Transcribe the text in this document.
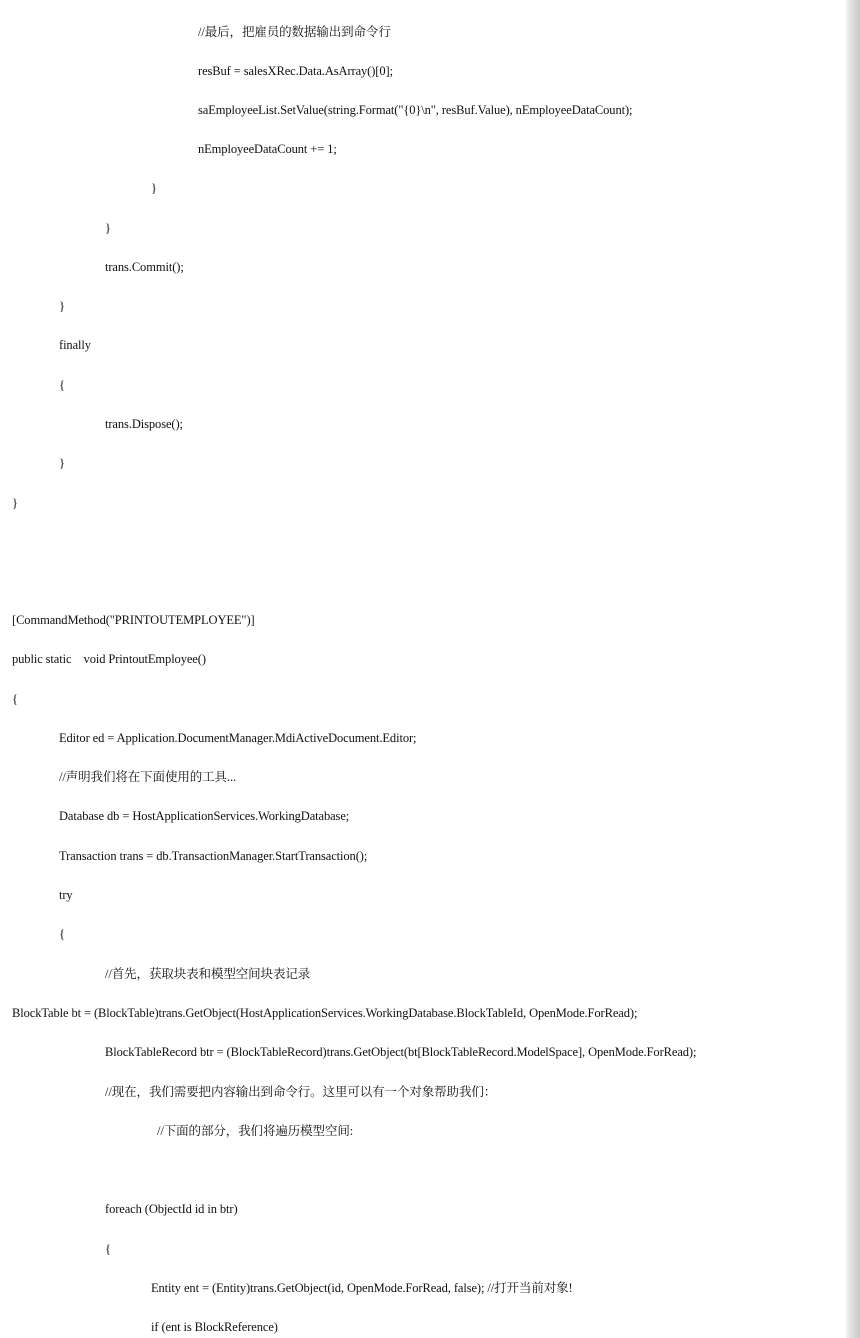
//最后，把雇员的数据输出到命令行
resBuf = salesXRec.Data.AsArray()[0];
saEmployeeList.SetValue(string.Format("{0}\n", resBuf.Value), nEmployeeDataCount);
nEmployeeDataCount += 1;
}
}
trans.Commit();
}
finally
{
trans.Dispose();
}
}
[CommandMethod("PRINTOUTEMPLOYEE")]
public static    void PrintoutEmployee()
{
Editor ed = Application.DocumentManager.MdiActiveDocument.Editor;
//声明我们将在下面使用的工具...
Database db = HostApplicationServices.WorkingDatabase;
Transaction trans = db.TransactionManager.StartTransaction();
try
{
//首先，获取块表和模型空间块表记录
BlockTable bt = (BlockTable)trans.GetObject(HostApplicationServices.WorkingDatabase.BlockTableId, OpenMode.ForRead);
BlockTableRecord btr = (BlockTableRecord)trans.GetObject(bt[BlockTableRecord.ModelSpace], OpenMode.ForRead);
//现在，我们需要把内容输出到命令行。这里可以有一个对象帮助我们：
//下面的部分，我们将遍历模型空间:
foreach (ObjectId id in btr)
{
Entity ent = (Entity)trans.GetObject(id, OpenMode.ForRead, false); //打开当前对象!
if (ent is BlockReference)
